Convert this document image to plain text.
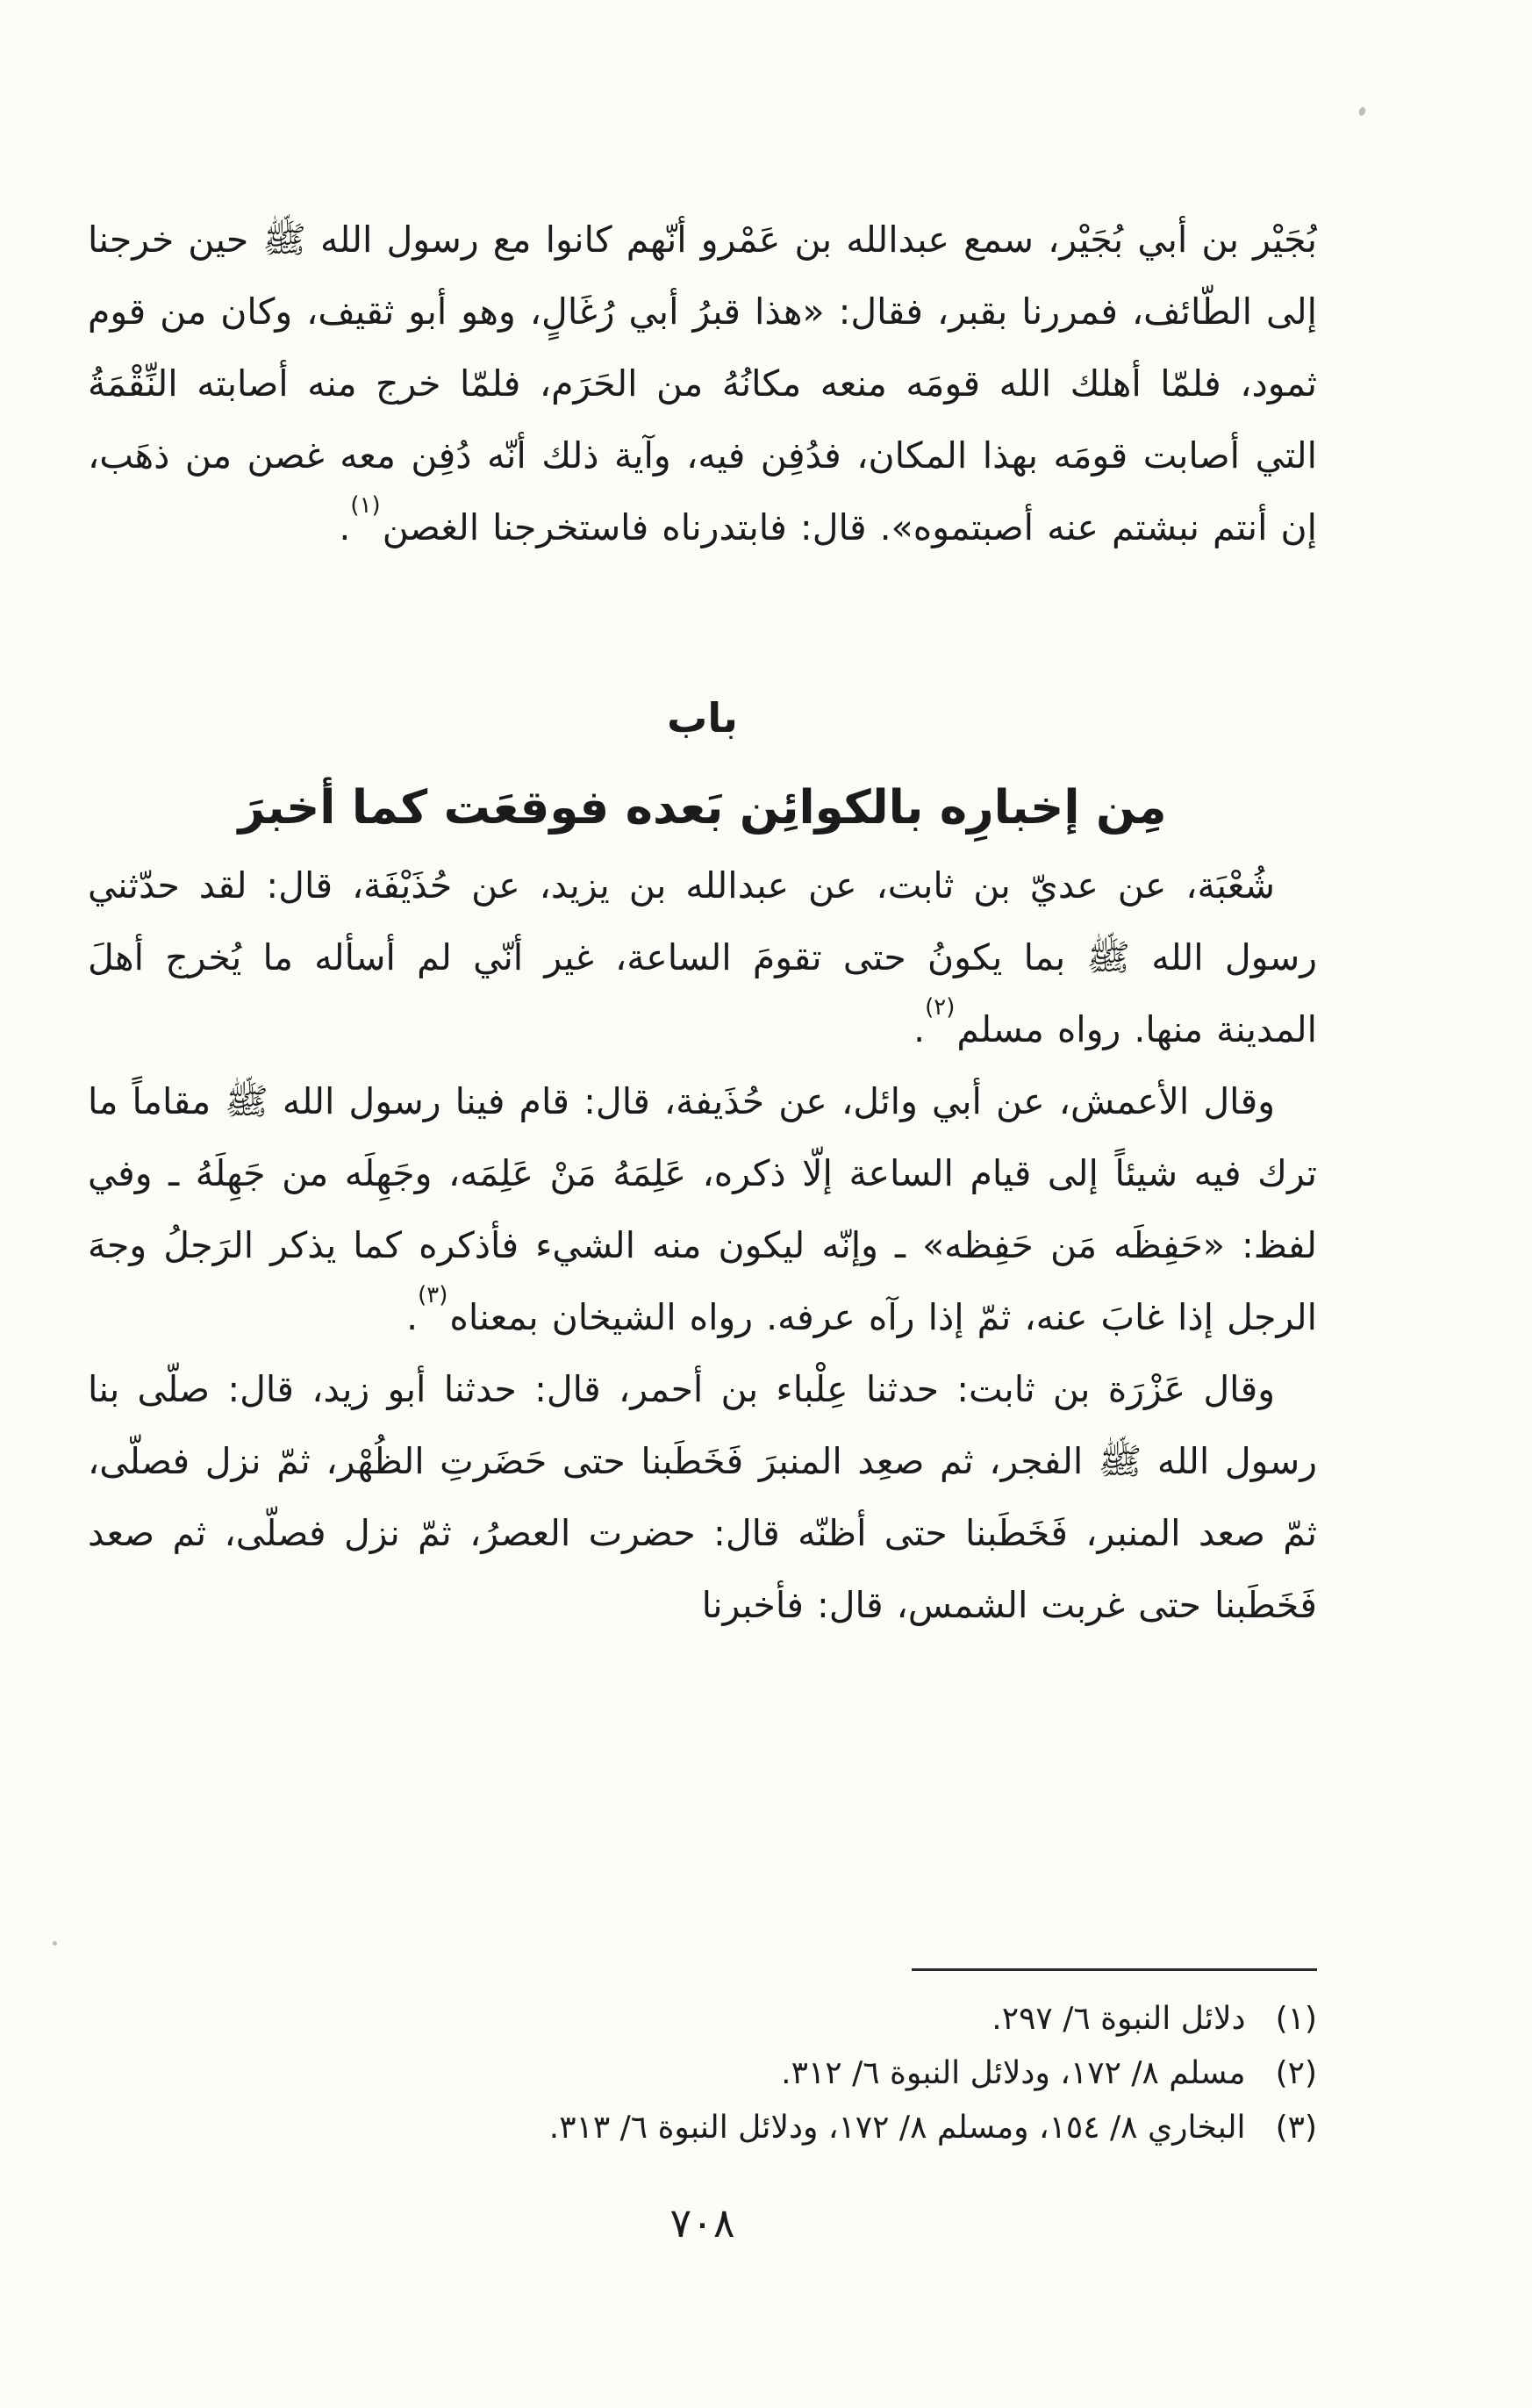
بُجَيْر بن أبي بُجَيْر، سمع عبدالله بن عَمْرو أنّهم كانوا مع رسول الله ﷺ حين خرجنا إلى الطّائف، فمررنا بقبر، فقال: «هذا قبرُ أبي رُغَالٍ، وهو أبو ثقيف، وكان من قوم ثمود، فلمّا أهلك الله قومَه منعه مكانُهُ من الحَرَم، فلمّا خرج منه أصابته النِّقْمَةُ التي أصابت قومَه بهذا المكان، فدُفِن فيه، وآية ذلك أنّه دُفِن معه غصن من ذهَب، إن أنتم نبشتم عنه أصبتموه». قال: فابتدرناه فاستخرجنا الغصن$^{(١)}$.

باب
مِن إخبارِه بالكوائِن بَعده فوقعَت كما أخبرَ

شُعْبَة، عن عديّ بن ثابت، عن عبدالله بن يزيد، عن حُذَيْفَة، قال: لقد حدّثني رسول الله ﷺ بما يكونُ حتى تقومَ الساعة، غير أنّي لم أسأله ما يُخرج أهلَ المدينة منها. رواه مسلم$^{(٢)}$.

وقال الأعمش، عن أبي وائل، عن حُذَيفة، قال: قام فينا رسول الله ﷺ مقاماً ما ترك فيه شيئاً إلى قيام الساعة إلّا ذكره، عَلِمَهُ مَنْ عَلِمَه، وجَهِلَه من جَهِلَهُ ـ وفي لفظ: «حَفِظَه مَن حَفِظه» ـ وإنّه ليكون منه الشيء فأذكره كما يذكر الرَجلُ وجهَ الرجل إذا غابَ عنه، ثمّ إذا رآه عرفه. رواه الشيخان بمعناه$^{(٣)}$.

وقال عَزْرَة بن ثابت: حدثنا عِلْباء بن أحمر، قال: حدثنا أبو زيد، قال: صلّى بنا رسول الله ﷺ الفجر، ثم صعِد المنبرَ فَخَطَبنا حتى حَضَرتِ الظُهْر، ثمّ نزل فصلّى، ثمّ صعد المنبر، فَخَطَبنا حتى أظنّه قال: حضرت العصرُ، ثمّ نزل فصلّى، ثم صعد فَخَطَبنا حتى غربت الشمس، قال: فأخبرنا

(١)
دلائل النبوة ٦/ ٢٩٧.

(٢)
مسلم ٨/ ١٧٢، ودلائل النبوة ٦/ ٣١٢.

(٣)
البخاري ٨/ ١٥٤، ومسلم ٨/ ١٧٢، ودلائل النبوة ٦/ ٣١٣.

٧٠٨
